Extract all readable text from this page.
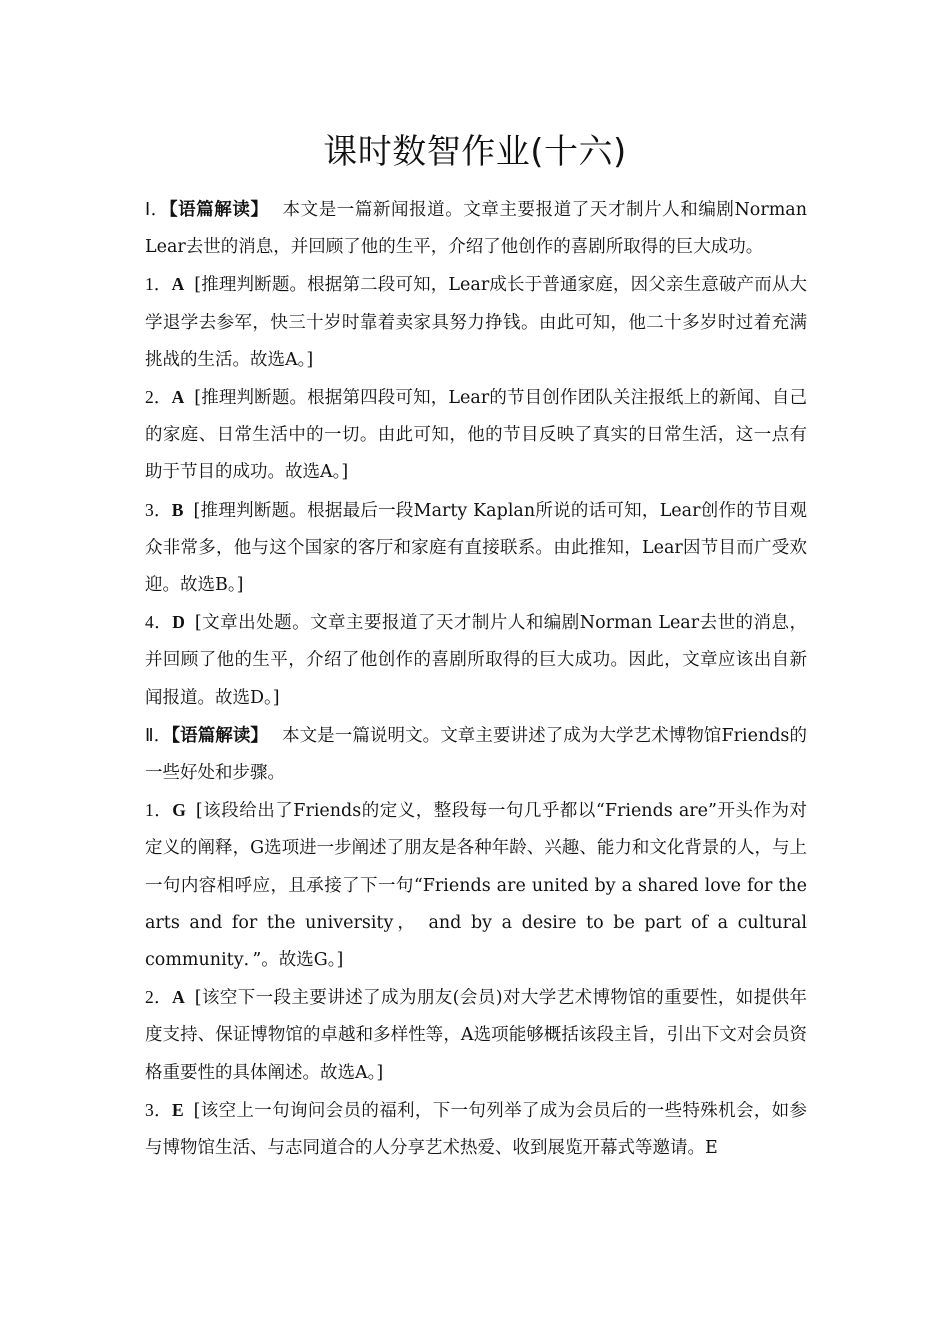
课时数智作业(十六)

Ⅰ．【语篇解读】 本文是一篇新闻报道。文章主要报道了天才制片人和编剧Norman Lear去世的消息，并回顾了他的生平，介绍了他创作的喜剧所取得的巨大成功。

1．A [推理判断题。根据第二段可知，Lear成长于普通家庭，因父亲生意破产而从大学退学去参军，快三十岁时靠着卖家具努力挣钱。由此可知，他二十多岁时过着充满挑战的生活。故选A。]

2．A [推理判断题。根据第四段可知，Lear的节目创作团队关注报纸上的新闻、自己的家庭、日常生活中的一切。由此可知，他的节目反映了真实的日常生活，这一点有助于节目的成功。故选A。]

3．B [推理判断题。根据最后一段Marty Kaplan所说的话可知，Lear创作的节目观众非常多，他与这个国家的客厅和家庭有直接联系。由此推知，Lear因节目而广受欢迎。故选B。]

4．D [文章出处题。文章主要报道了天才制片人和编剧Norman Lear去世的消息，并回顾了他的生平，介绍了他创作的喜剧所取得的巨大成功。因此，文章应该出自新闻报道。故选D。]

Ⅱ．【语篇解读】 本文是一篇说明文。文章主要讲述了成为大学艺术博物馆Friends的一些好处和步骤。

1．G [该段给出了Friends的定义，整段每一句几乎都以“Friends are”开头作为对定义的阐释，G选项进一步阐述了朋友是各种年龄、兴趣、能力和文化背景的人，与上一句内容相呼应，且承接了下一句“Friends are united by a shared love for the arts and for the university， and by a desire to be part of a cultural community．”。故选G。]

2．A [该空下一段主要讲述了成为朋友(会员)对大学艺术博物馆的重要性，如提供年度支持、保证博物馆的卓越和多样性等，A选项能够概括该段主旨，引出下文对会员资格重要性的具体阐述。故选A。]

3．E [该空上一句询问会员的福利，下一句列举了成为会员后的一些特殊机会，如参与博物馆生活、与志同道合的人分享艺术热爱、收到展览开幕式等邀请。E
